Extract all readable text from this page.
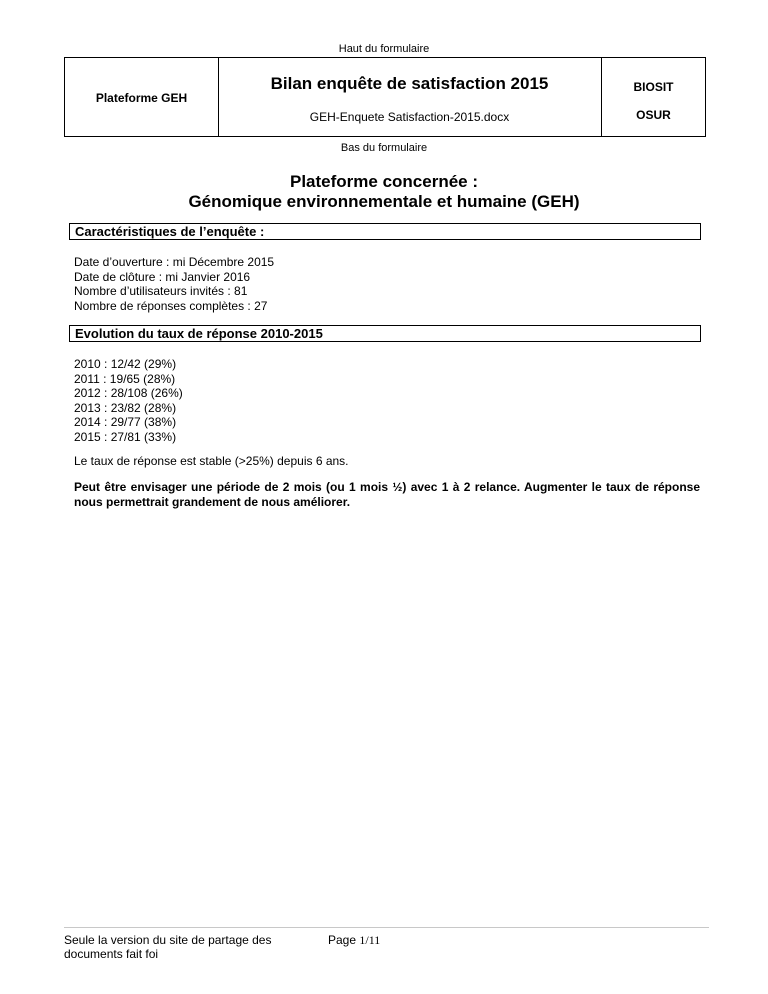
Haut du formulaire
Plateforme GEH
Bilan enquête de satisfaction 2015
GEH-Enquete Satisfaction-2015.docx
BIOSIT
OSUR
Bas du formulaire
Plateforme concernée :
Génomique environnementale et humaine (GEH)
Caractéristiques de l’enquête :
Date d’ouverture : mi Décembre 2015
Date de clôture : mi Janvier 2016
Nombre d’utilisateurs invités : 81
Nombre de réponses complètes : 27
Evolution du taux de réponse 2010-2015
2010 : 12/42 (29%)
2011 : 19/65 (28%)
2012 : 28/108 (26%)
2013 : 23/82 (28%)
2014 : 29/77 (38%)
2015 : 27/81 (33%)
Le taux de réponse est stable (>25%) depuis 6 ans.
Peut être envisager une période de 2 mois (ou 1 mois ½) avec 1 à 2 relance. Augmenter le taux de réponse nous permettrait grandement de nous améliorer.
Seule la version du site de partage des
documents fait foi
Page 1/11
